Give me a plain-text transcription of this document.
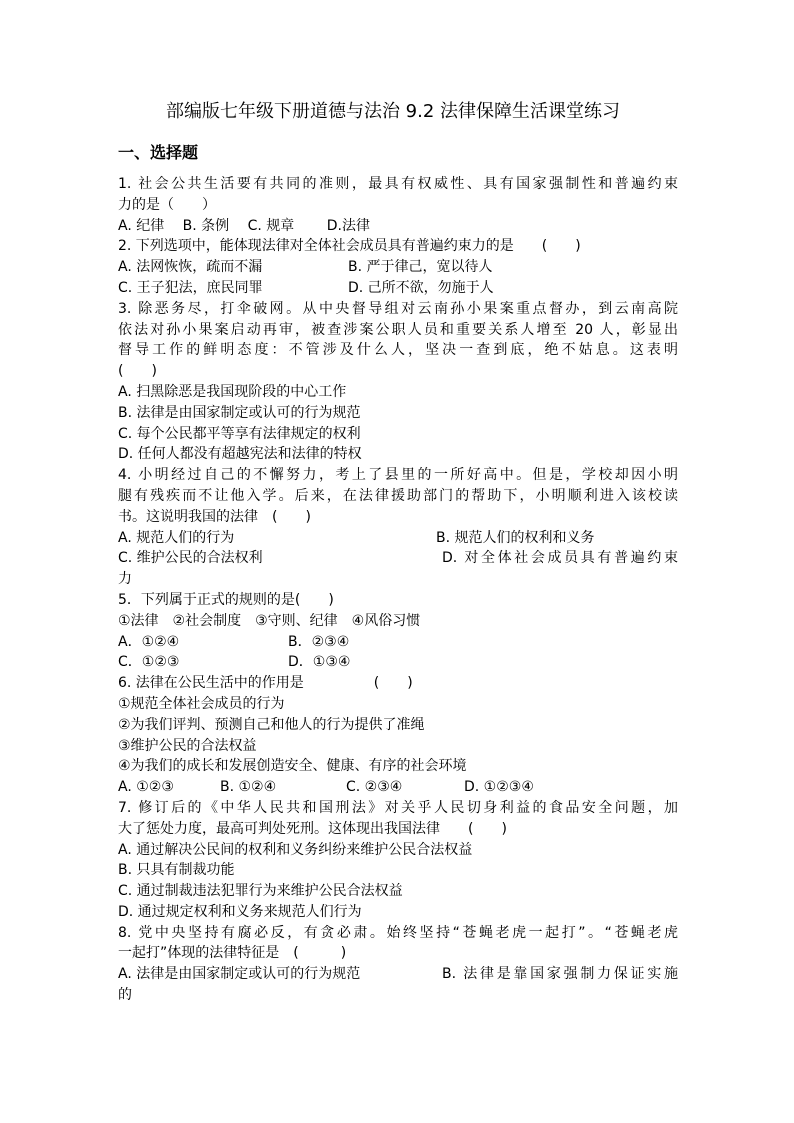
部编版七年级下册道德与法治 9.2 法律保障生活课堂练习
一、选择题
1. 社会公共生活要有共同的准则，最具有权威性、具有国家强制性和普遍约束
力的是（　　）
A. 纪律　 B. 条例　 C. 规章　　 D.法律
2. 下列选项中，能体现法律对全体社会成员具有普遍约束力的是　　(　　)
A. 法网恢恢，疏而不漏	B. 严于律己，宽以待人
C. 王子犯法，庶民同罪	D. 己所不欲，勿施于人
3. 除恶务尽，打伞破网。从中央督导组对云南孙小果案重点督办，到云南高院
依法对孙小果案启动再审，被查涉案公职人员和重要关系人增至 20 人，彰显出
督导工作的鲜明态度：不管涉及什么人，坚决一查到底，绝不姑息。这表明
(　　)
A. 扫黑除恶是我国现阶段的中心工作
B. 法律是由国家制定或认可的行为规范
C. 每个公民都平等享有法律规定的权利
D. 任何人都没有超越宪法和法律的特权
4. 小明经过自己的不懈努力，考上了县里的一所好高中。但是，学校却因小明
腿有残疾而不让他入学。后来，在法律援助部门的帮助下，小明顺利进入该校读
书。这说明我国的法律　(　　)
A. 规范人们的行为	B. 规范人们的权利和义务
C. 维护公民的合法权利	D. 对全体社会成员具有普遍约束
力
5．下列属于正式的规则的是(　　)
①法律　②社会制度　③守则、纪律　④风俗习惯
A．①②④	B．②③④
C．①②③	D．①③④
6. 法律在公民生活中的作用是　　　　　(　　)
①规范全体社会成员的行为
②为我们评判、预测自己和他人的行为提供了准绳
③维护公民的合法权益
④为我们的成长和发展创造安全、健康、有序的社会环境
A. ①②③	B. ①②④	C. ②③④	D. ①②③④
7. 修订后的《中华人民共和国刑法》对关乎人民切身利益的食品安全问题，加
大了惩处力度，最高可判处死刑。这体现出我国法律　　(　　)
A. 通过解决公民间的权利和义务纠纷来维护公民合法权益
B. 只具有制裁功能
C. 通过制裁违法犯罪行为来维护公民合法权益
D. 通过规定权利和义务来规范人们行为
8. 党中央坚持有腐必反，有贪必肃。始终坚持“苍蝇老虎一起打”。“苍蝇老虎
一起打”体现的法律特征是　(　　　)
A. 法律是由国家制定或认可的行为规范	B. 法律是靠国家强制力保证实施
的
